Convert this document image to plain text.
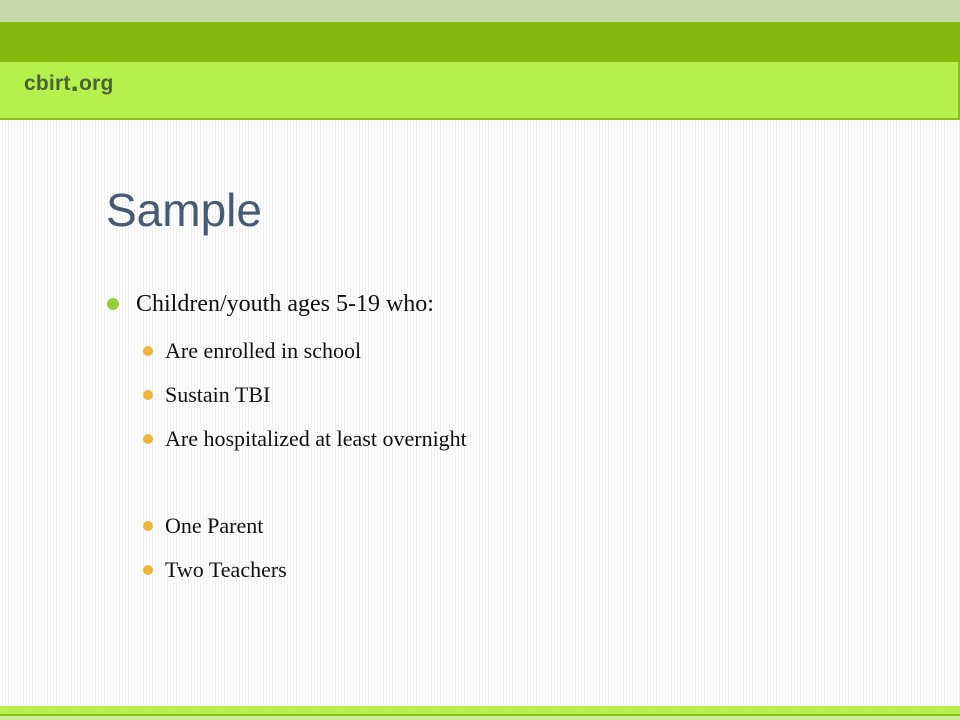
cbirt.org
Sample
Children/youth ages 5-19 who:
Are enrolled in school
Sustain TBI
Are hospitalized at least overnight
One Parent
Two Teachers
